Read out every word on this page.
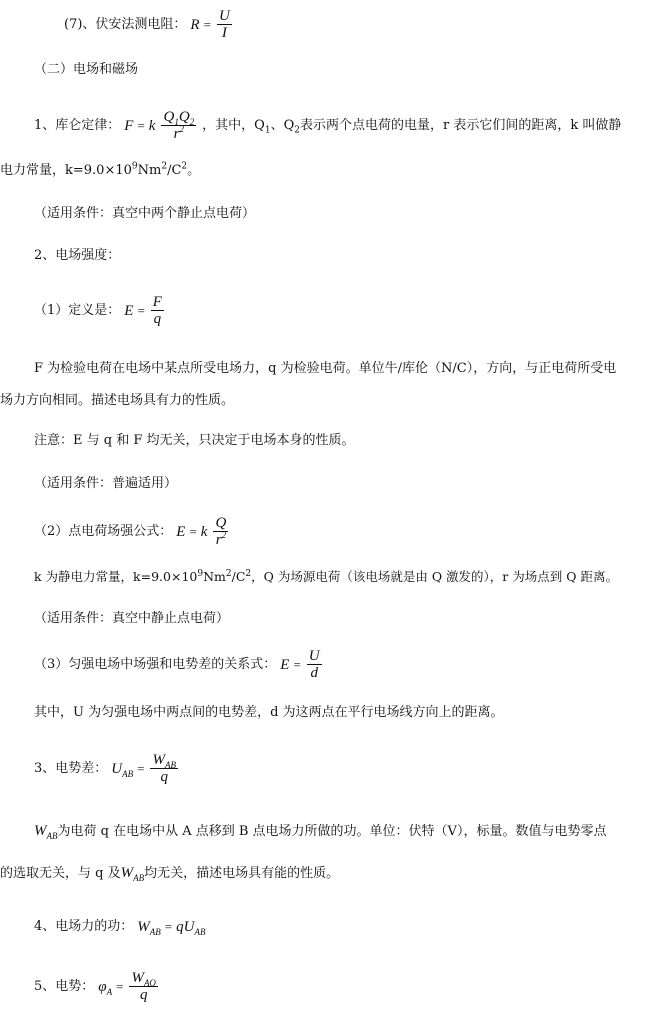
(7)、伏安法测电阻： $R = \frac{U}{I}$
（二）电场和磁场
1、库仑定律： F = k $\frac{Q_1Q_2}{r^2}$ ，其中，$Q_1$、$Q_2$表示两个点电荷的电量，r 表示它们间的距离，k 叫做静
电力常量，$k=9.0\times 10^9Nm^2/C^2$。
（适用条件：真空中两个静止点电荷）
2、电场强度：
（1）定义是： $E = \frac{F}{q}$
F 为检验电荷在电场中某点所受电场力，q 为检验电荷。单位牛/库伦（N/C），方向，与正电荷所受电
场力方向相同。描述电场具有力的性质。
注意：E 与 q 和 F 均无关，只决定于电场本身的性质。
（适用条件：普遍适用）
（2）点电荷场强公式： E = k $\frac{Q}{r^2}$
k 为静电力常量，$k=9.0\times 10^9Nm^2/C^2$，Q 为场源电荷（该电场就是由 Q 激发的），r 为场点到 Q 距离。
（适用条件：真空中静止点电荷）
（3）匀强电场中场强和电势差的关系式： $E = \frac{U}{d}$
其中，U 为匀强电场中两点间的电势差，d 为这两点在平行电场线方向上的距离。
3、电势差： $U_{AB} = \frac{W_{AB}}{q}$
$W_{AB}$为电荷 q 在电场中从 A 点移到 B 点电场力所做的功。单位：伏特（V），标量。数值与电势零点
的选取无关，与 q 及$W_{AB}$均无关，描述电场具有能的性质。
4、电场力的功： $W_{AB} = qU_{AB}$
5、电势： $\varphi_A = \frac{W_{AO}}{q}$
